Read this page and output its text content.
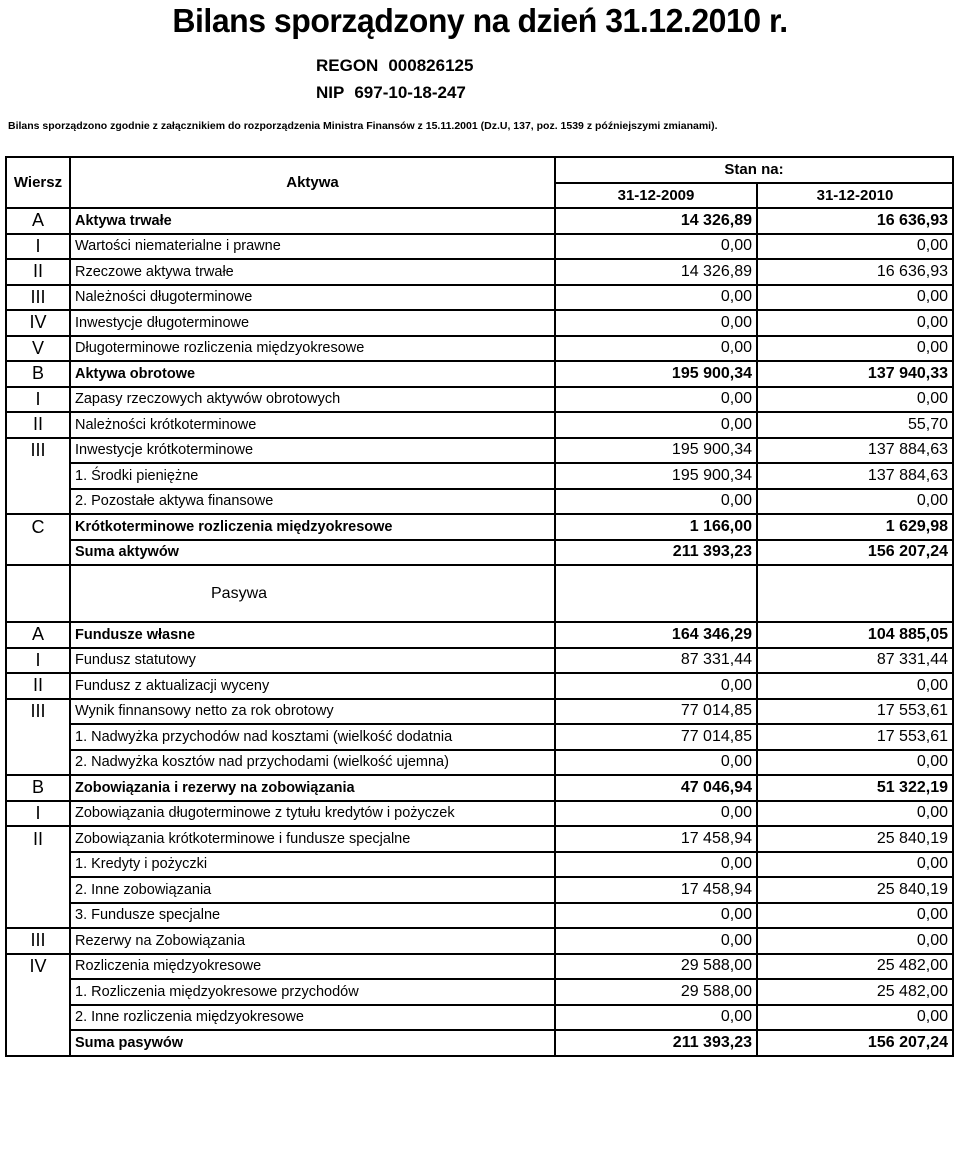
Bilans sporządzony na dzień 31.12.2010 r.
REGON 000826125
NIP 697-10-18-247
Bilans sporządzono zgodnie z załącznikiem do rozporządzenia Ministra Finansów z 15.11.2001 (Dz.U, 137, poz. 1539 z późniejszymi zmianami).
Wiersz	Aktywa	Stan na:	
		31-12-2009	31-12-2010
A	Aktywa trwałe	14 326,89	16 636,93
I	Wartości niematerialne i prawne	0,00	0,00
II	Rzeczowe aktywa trwałe	14 326,89	16 636,93
III	Należności długoterminowe	0,00	0,00
IV	Inwestycje długoterminowe	0,00	0,00
V	Długoterminowe rozliczenia międzyokresowe	0,00	0,00
B	Aktywa obrotowe	195 900,34	137 940,33
I	Zapasy rzeczowych aktywów obrotowych	0,00	0,00
II	Należności krótkoterminowe	0,00	55,70
III	Inwestycje krótkoterminowe	195 900,34	137 884,63
	1. Środki pieniężne	195 900,34	137 884,63
	2. Pozostałe aktywa finansowe	0,00	0,00
C	Krótkoterminowe rozliczenia międzyokresowe	1 166,00	1 629,98
	Suma aktywów	211 393,23	156 207,24
	Pasywa		
A	Fundusze własne	164 346,29	104 885,05
I	Fundusz statutowy	87 331,44	87 331,44
II	Fundusz z aktualizacji wyceny	0,00	0,00
III	Wynik finnansowy netto za rok obrotowy	77 014,85	17 553,61
	1. Nadwyżka przychodów nad kosztami (wielkość dodatnia	77 014,85	17 553,61
	2. Nadwyżka kosztów nad przychodami (wielkość ujemna)	0,00	0,00
B	Zobowiązania i rezerwy na zobowiązania	47 046,94	51 322,19
I	Zobowiązania długoterminowe z tytułu kredytów i pożyczek	0,00	0,00
II	Zobowiązania krótkoterminowe i fundusze specjalne	17 458,94	25 840,19
	1. Kredyty i pożyczki	0,00	0,00
	2. Inne zobowiązania	17 458,94	25 840,19
	3. Fundusze specjalne	0,00	0,00
III	Rezerwy na Zobowiązania	0,00	0,00
IV	Rozliczenia międzyokresowe	29 588,00	25 482,00
	1. Rozliczenia międzyokresowe przychodów	29 588,00	25 482,00
	2. Inne rozliczenia międzyokresowe	0,00	0,00
	Suma pasywów	211 393,23	156 207,24
